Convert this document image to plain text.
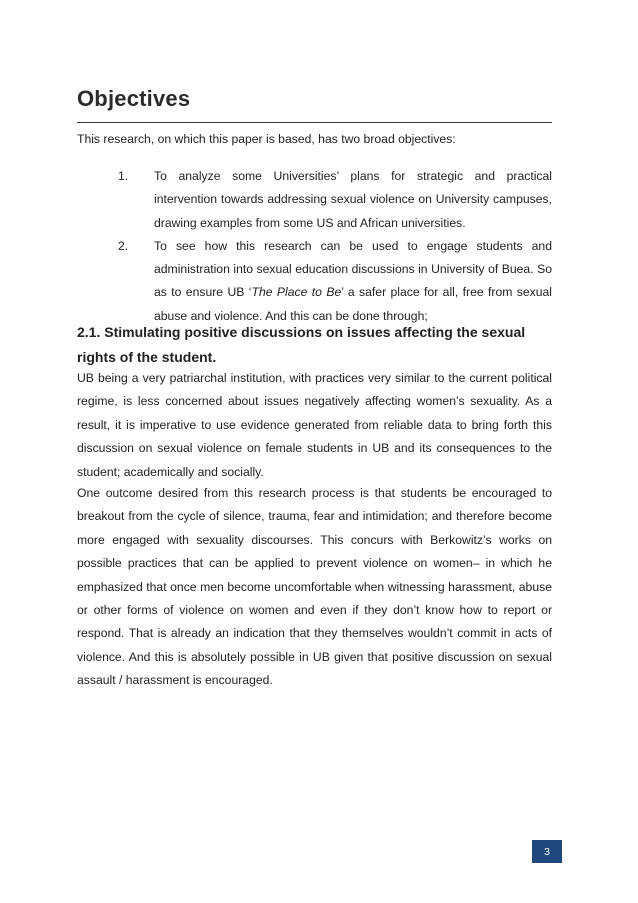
Objectives

This research, on which this paper is based, has two broad objectives:

1.	To analyze some Universities’ plans for strategic and practical intervention towards addressing sexual violence on University campuses, drawing examples from some US and African universities.
2.	To see how this research can be used to engage students and administration into sexual education discussions in University of Buea. So as to ensure UB ‘The Place to Be’ a safer place for all, free from sexual abuse and violence. And this can be done through;
2.1. Stimulating positive discussions on issues affecting the sexual rights of the student.

UB being a very patriarchal institution, with practices very similar to the current political regime, is less concerned about issues negatively affecting women’s sexuality. As a result, it is imperative to use evidence generated from reliable data to bring forth this discussion on sexual violence on female students in UB and its consequences to the student; academically and socially.

One outcome desired from this research process is that students be encouraged to breakout from the cycle of silence, trauma, fear and intimidation; and therefore become more engaged with sexuality discourses. This concurs with Berkowitz’s works on possible practices that can be applied to prevent violence on women– in which he emphasized that once men become uncomfortable when witnessing harassment, abuse or other forms of violence on women and even if they don’t know how to report or respond. That is already an indication that they themselves wouldn’t commit in acts of violence. And this is absolutely possible in UB given that positive discussion on sexual assault / harassment is encouraged.

3
